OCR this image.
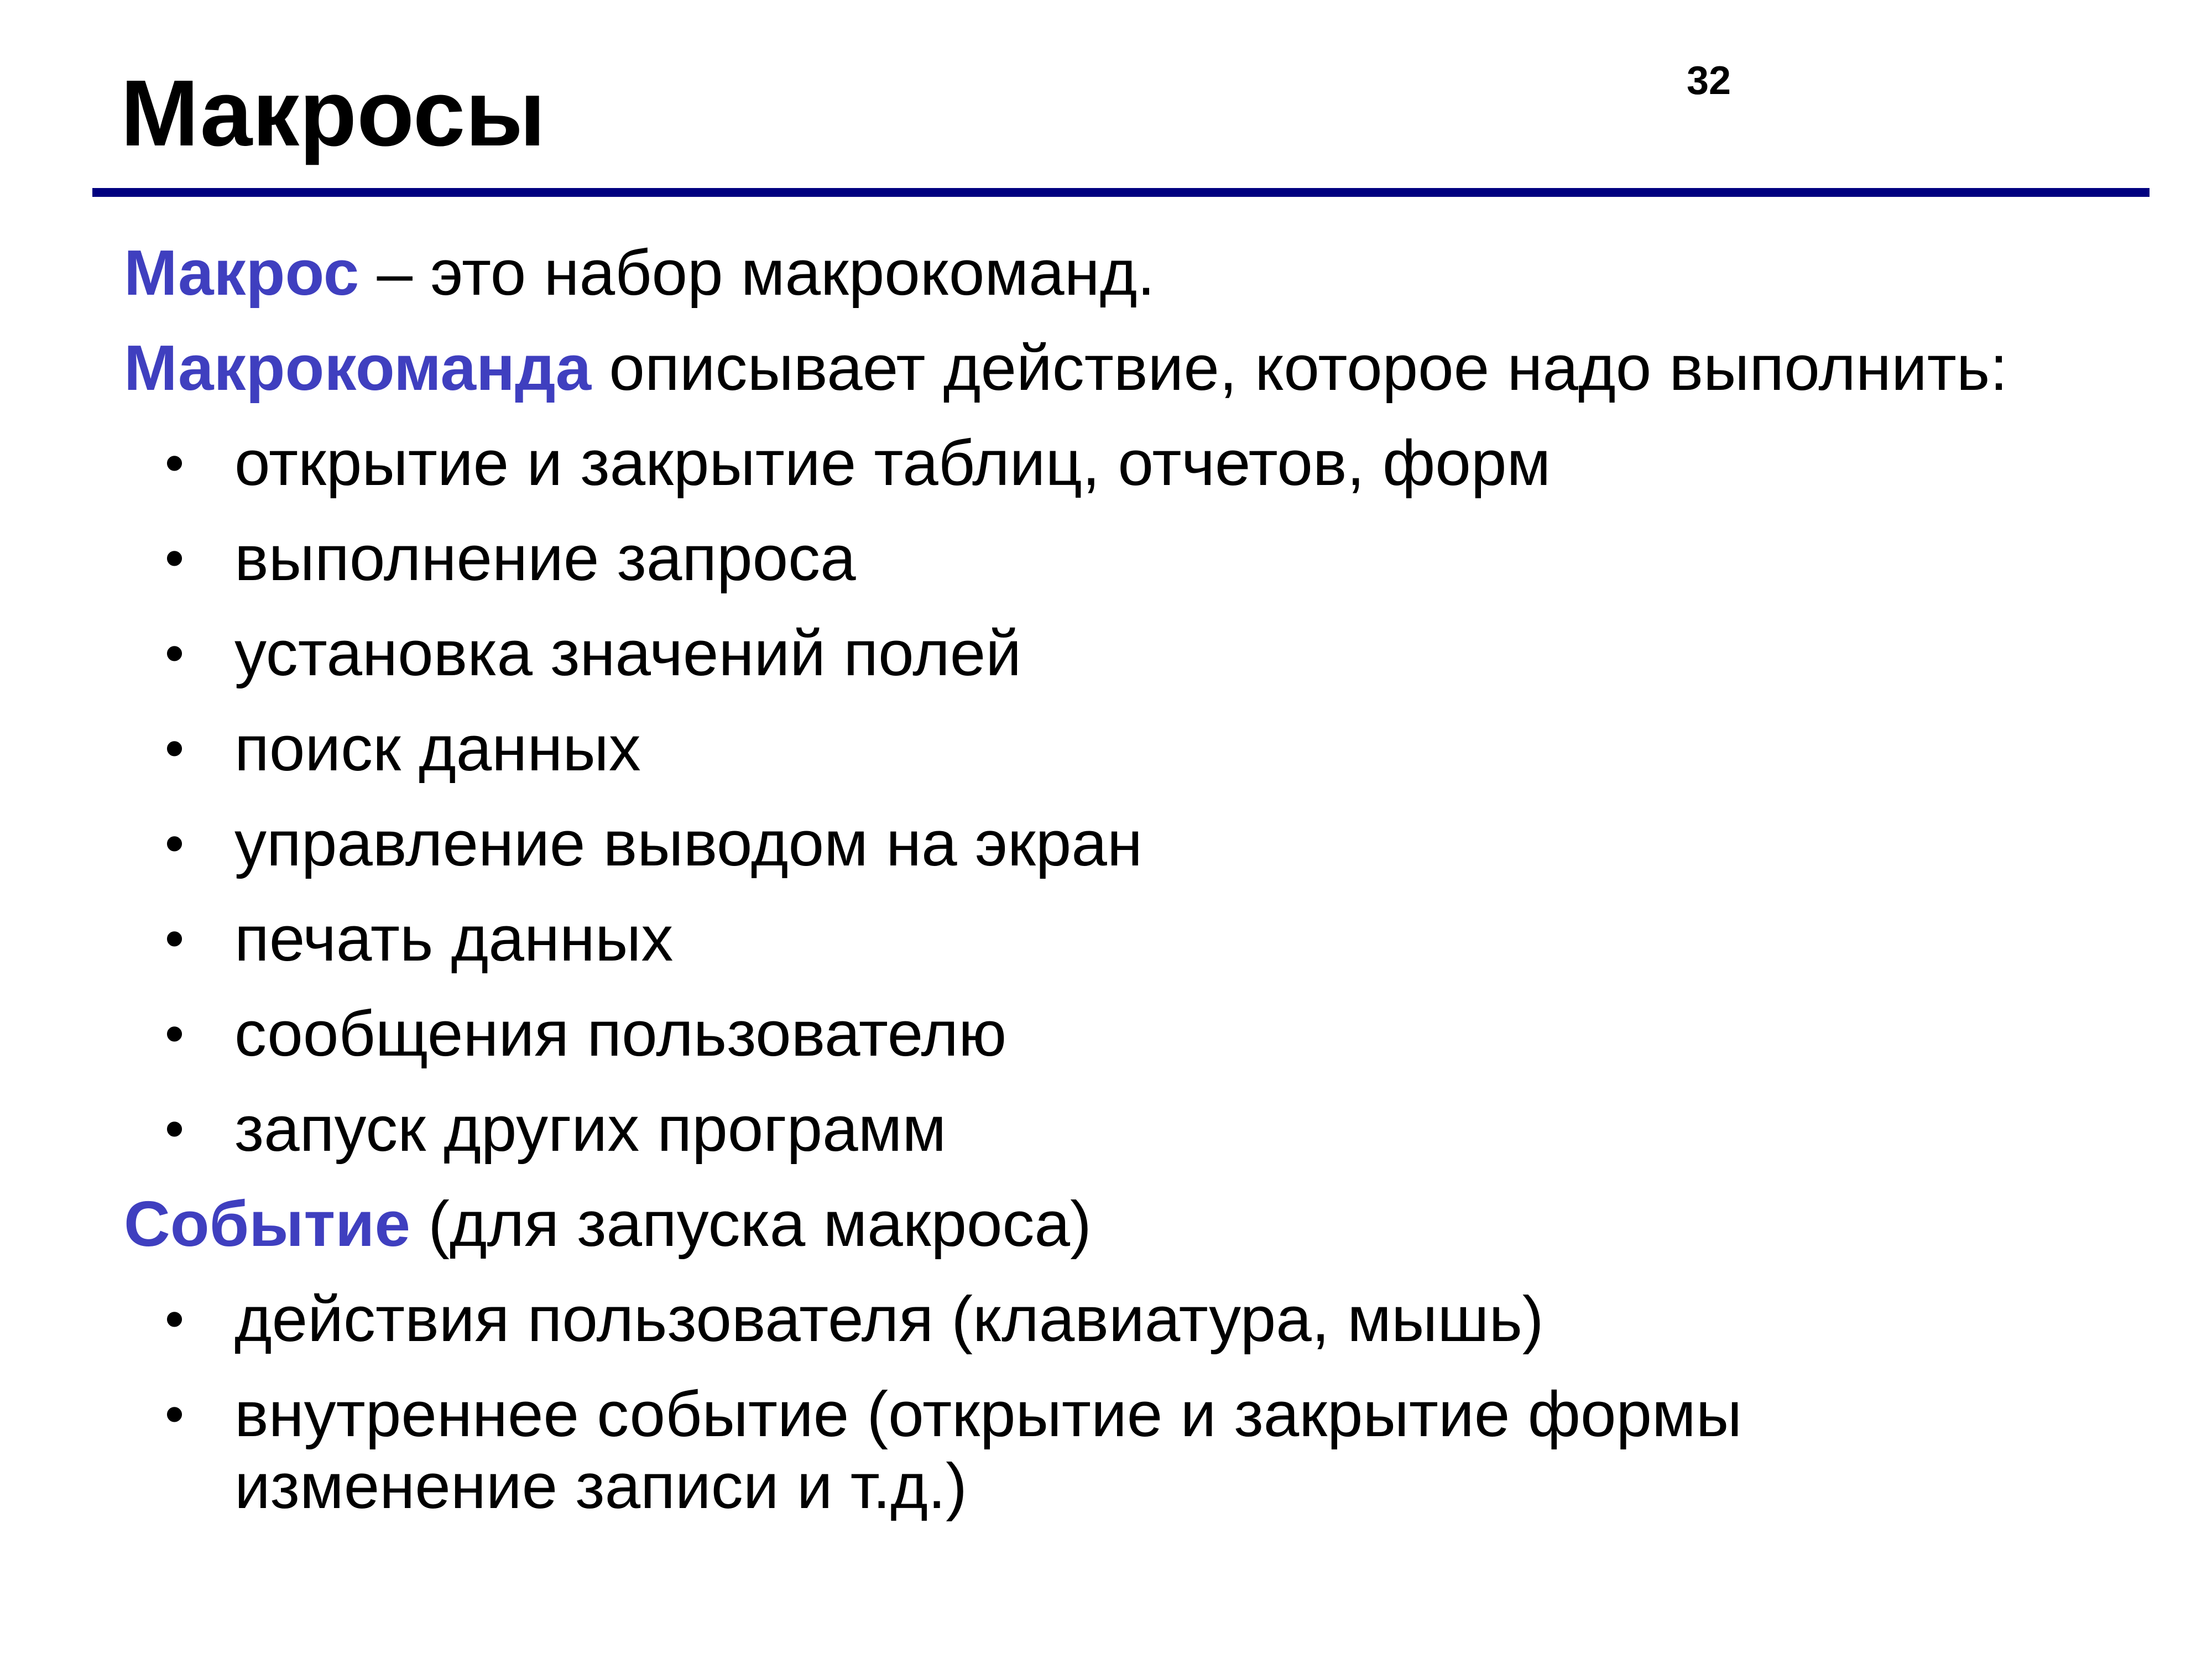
Макросы	32

Макрос – это набор макрокоманд.

Макрокоманда описывает действие, которое надо выполнить:

• открытие и закрытие таблиц, отчетов, форм
• выполнение запроса
• установка значений полей
• поиск данных
• управление выводом на экран
• печать данных
• сообщения пользователю
• запуск других программ

Событие (для запуска макроса)

• действия пользователя (клавиатура, мышь)
• внутреннее событие (открытие и закрытие формы изменение записи и т.д.)
